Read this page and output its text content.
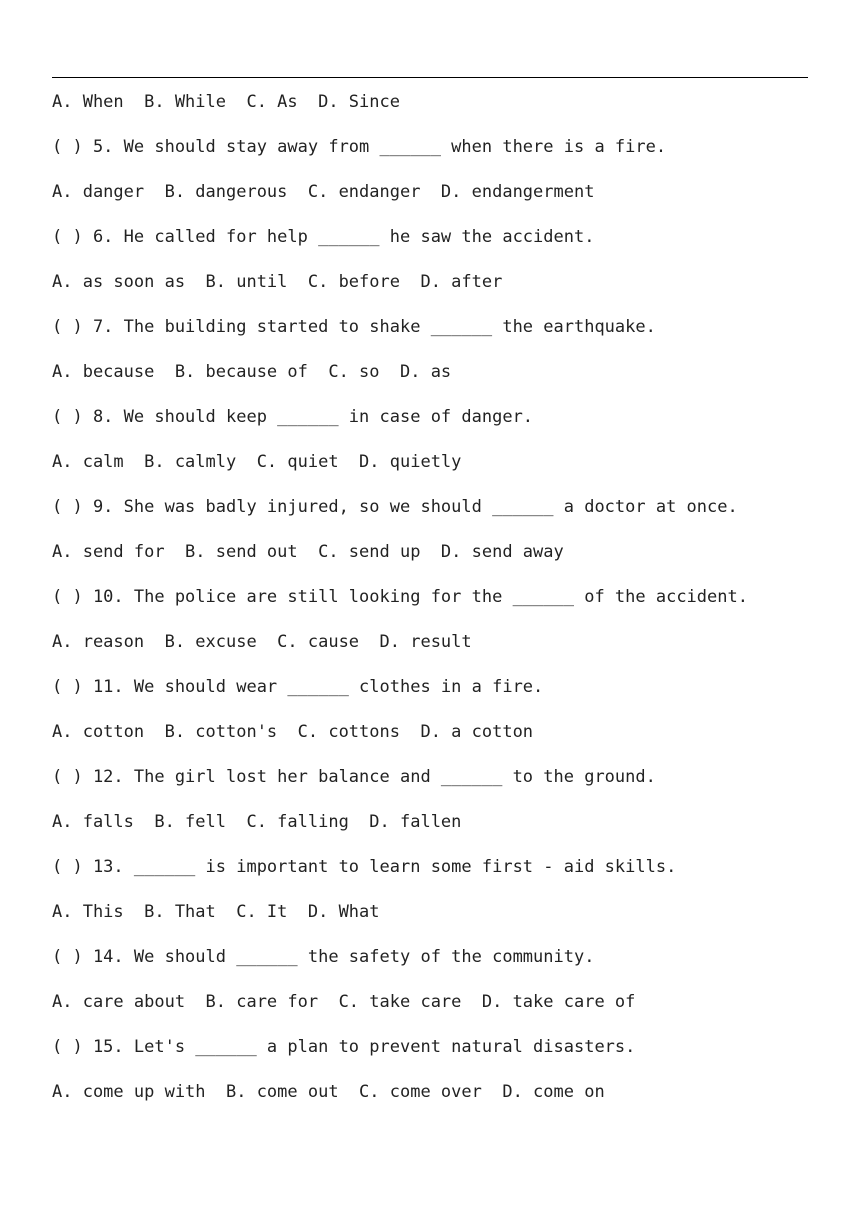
A. When  B. While  C. As  D. Since
( ) 5. We should stay away from ______ when there is a fire.
A. danger  B. dangerous  C. endanger  D. endangerment
( ) 6. He called for help ______ he saw the accident.
A. as soon as  B. until  C. before  D. after
( ) 7. The building started to shake ______ the earthquake.
A. because  B. because of  C. so  D. as
( ) 8. We should keep ______ in case of danger.
A. calm  B. calmly  C. quiet  D. quietly
( ) 9. She was badly injured, so we should ______ a doctor at once.
A. send for  B. send out  C. send up  D. send away
( ) 10. The police are still looking for the ______ of the accident.
A. reason  B. excuse  C. cause  D. result
( ) 11. We should wear ______ clothes in a fire.
A. cotton  B. cotton's  C. cottons  D. a cotton
( ) 12. The girl lost her balance and ______ to the ground.
A. falls  B. fell  C. falling  D. fallen
( ) 13. ______ is important to learn some first - aid skills.
A. This  B. That  C. It  D. What
( ) 14. We should ______ the safety of the community.
A. care about  B. care for  C. take care  D. take care of
( ) 15. Let's ______ a plan to prevent natural disasters.
A. come up with  B. come out  C. come over  D. come on
